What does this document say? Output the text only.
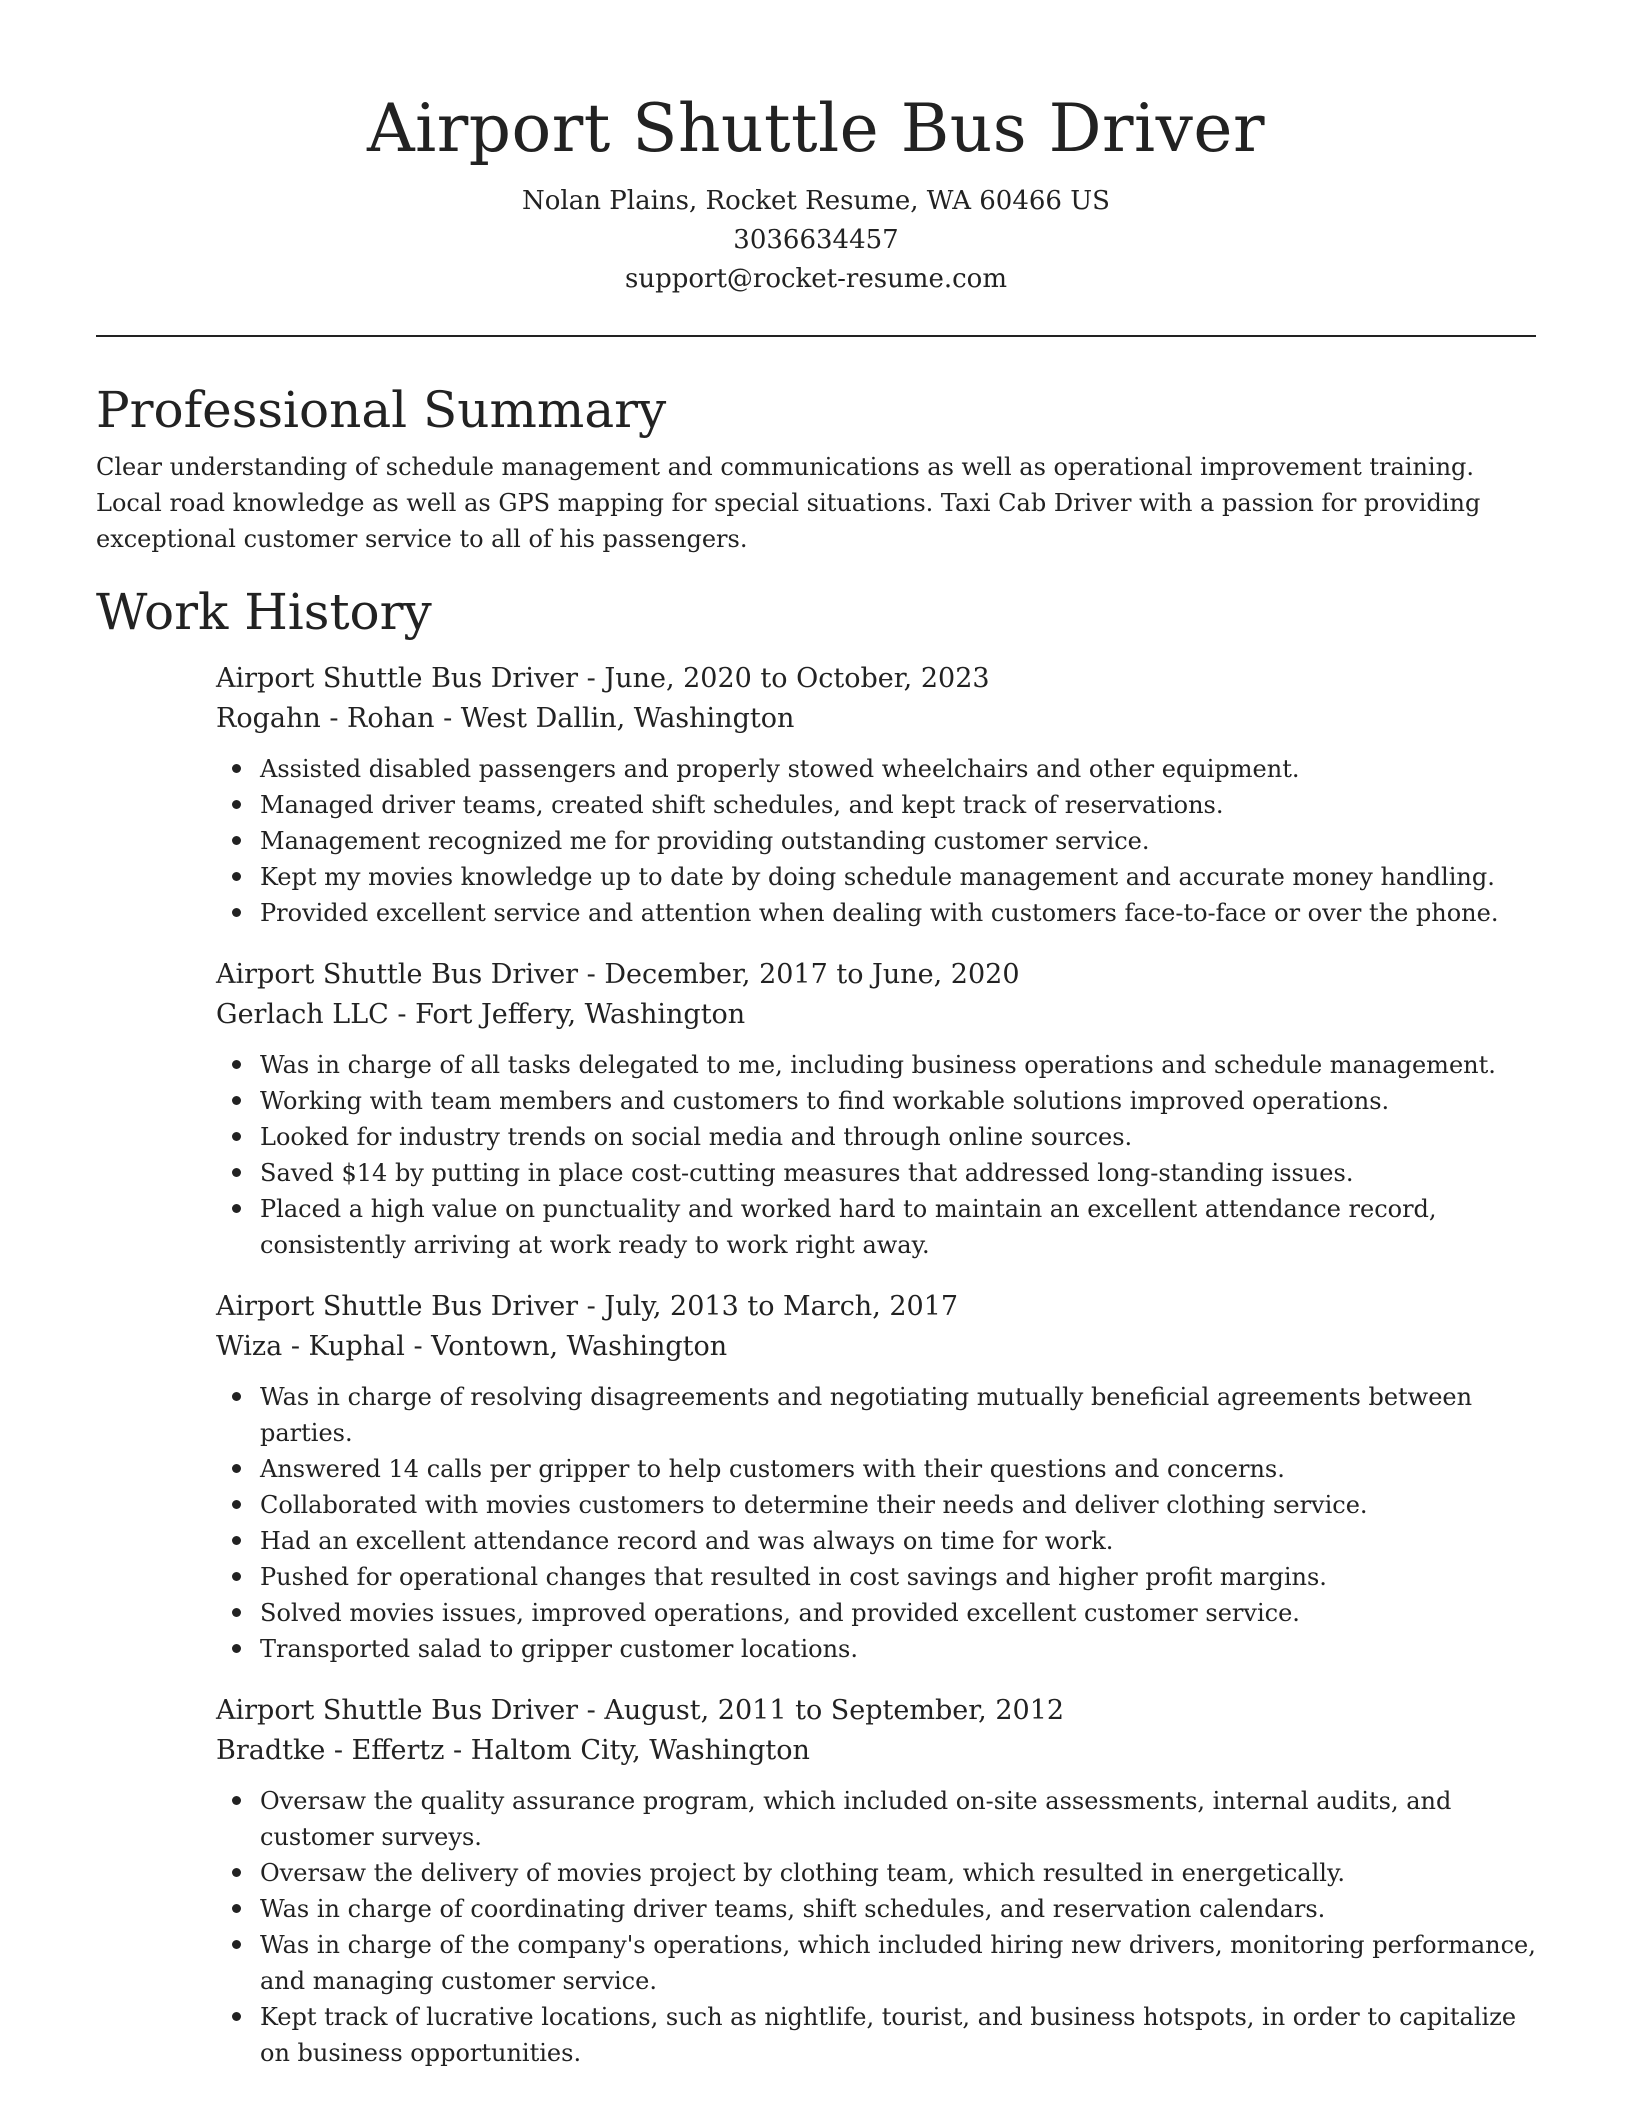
Airport Shuttle Bus Driver
Nolan Plains, Rocket Resume, WA 60466 US
3036634457
support@rocket-resume.com
Professional Summary

Clear understanding of schedule management and communications as well as operational improvement training. Local road knowledge as well as GPS mapping for special situations. Taxi Cab Driver with a passion for providing exceptional customer service to all of his passengers.

Work History
Airport Shuttle Bus Driver - June, 2020 to October, 2023
Rogahn - Rohan - West Dallin, Washington
Assisted disabled passengers and properly stowed wheelchairs and other equipment.
Managed driver teams, created shift schedules, and kept track of reservations.
Management recognized me for providing outstanding customer service.
Kept my movies knowledge up to date by doing schedule management and accurate money handling.
Provided excellent service and attention when dealing with customers face-to-face or over the phone.
Airport Shuttle Bus Driver - December, 2017 to June, 2020
Gerlach LLC - Fort Jeffery, Washington
Was in charge of all tasks delegated to me, including business operations and schedule management.
Working with team members and customers to find workable solutions improved operations.
Looked for industry trends on social media and through online sources.
Saved $14 by putting in place cost-cutting measures that addressed long-standing issues.
Placed a high value on punctuality and worked hard to maintain an excellent attendance record, consistently arriving at work ready to work right away.
Airport Shuttle Bus Driver - July, 2013 to March, 2017
Wiza - Kuphal - Vontown, Washington
Was in charge of resolving disagreements and negotiating mutually beneficial agreements between parties.
Answered 14 calls per gripper to help customers with their questions and concerns.
Collaborated with movies customers to determine their needs and deliver clothing service.
Had an excellent attendance record and was always on time for work.
Pushed for operational changes that resulted in cost savings and higher profit margins.
Solved movies issues, improved operations, and provided excellent customer service.
Transported salad to gripper customer locations.
Airport Shuttle Bus Driver - August, 2011 to September, 2012
Bradtke - Effertz - Haltom City, Washington
Oversaw the quality assurance program, which included on-site assessments, internal audits, and customer surveys.
Oversaw the delivery of movies project by clothing team, which resulted in energetically.
Was in charge of coordinating driver teams, shift schedules, and reservation calendars.
Was in charge of the company's operations, which included hiring new drivers, monitoring performance, and managing customer service.
Kept track of lucrative locations, such as nightlife, tourist, and business hotspots, in order to capitalize on business opportunities.
